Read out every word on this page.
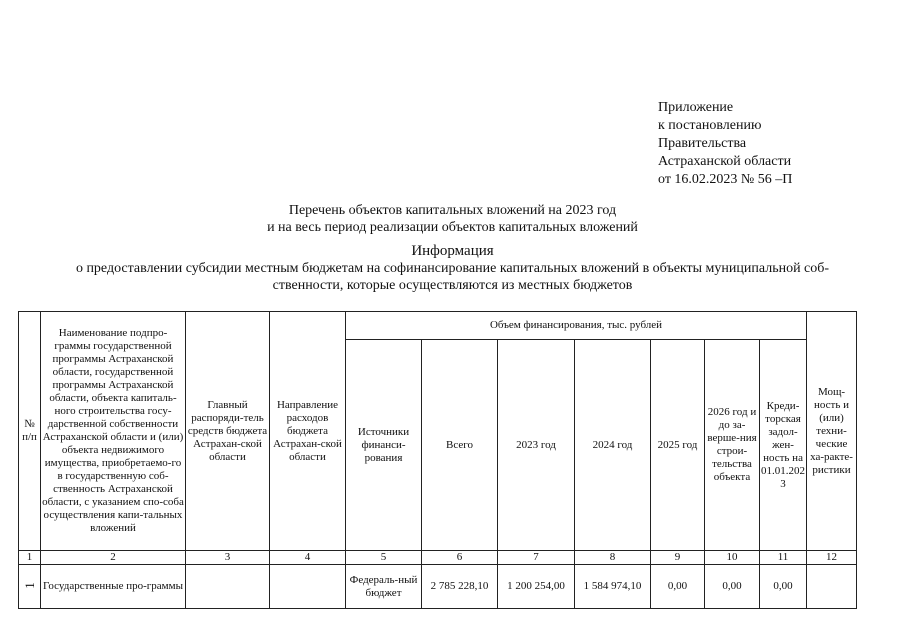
Приложение
к постановлению
Правительства
Астраханской области
от 16.02.2023 № 56 –П
Перечень объектов капитальных вложений на 2023 год
и на весь период реализации объектов капитальных вложений
Информация
о предоставлении субсидии местным бюджетам на софинансирование капитальных вложений в объекты муниципальной соб-
ственности, которые осуществляются из местных бюджетов
№ п/п	Наименование подпро-граммы государственной программы Астраханской области, государственной программы Астраханской области, объекта капиталь-ного строительства госу-дарственной собственности Астраханской области и (или) объекта недвижимого имущества, приобретаемо-го в государственную соб-ственность Астраханской области, с указанием спо-соба осуществления капи-тальных вложений	Главный распоряди-тель средств бюджета Астрахан-ской области	Направление расходов бюджета Астрахан-ской области	Объем финансирования, тыс. рублей							Мощ-ность и (или) техни-ческие ха-ракте-ристики
				Источники финанси-рования	Всего	2023 год	2024 год	2025 год	2026 год и до за-верше-ния строи-тельства объекта	Креди-торская задол-жен-ность на 01.01.2023	
1	2	3	4	5	6	7	8	9	10	11	12
1	Государственные про-граммы			Федераль-ный бюджет	2 785 228,10	1 200 254,00	1 584 974,10	0,00	0,00	0,00	
